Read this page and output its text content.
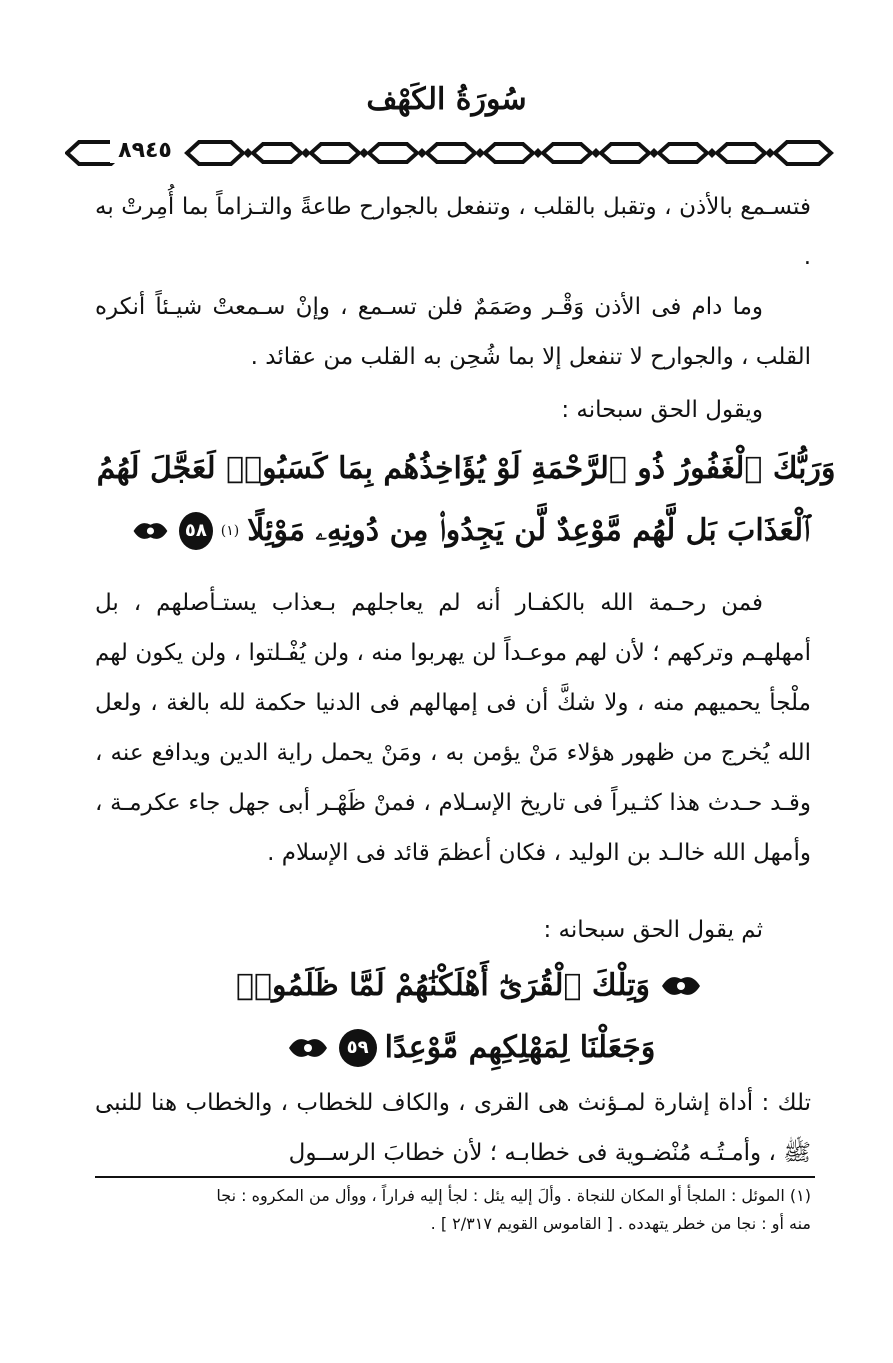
سُورَةُ الكَهْف
٨٩٤٥

فتسـمع بالأذن ، وتقبل بالقلب ، وتنفعل بالجوارح طاعةً والتـزاماً بما أُمِرتْ به .

وما دام فى الأذن وَقْـر وصَمَمٌ فلن تسـمع ، وإنْ سـمعتْ شيـئاً أنكره القلب ، والجوارح لا تنفعل إلا بما شُحِن به القلب من عقائد .

ويقول الحق سبحانه :

وَرَبُّكَ ٱلْغَفُورُ ذُو ٱلرَّحْمَةِ لَوْ يُؤَاخِذُهُم بِمَا كَسَبُوا۟ لَعَجَّلَ لَهُمُ
ٱلْعَذَابَ بَل لَّهُم مَّوْعِدٌ لَّن يَجِدُوا۟ مِن دُونِهِۦ مَوْئِلًا
(١)
٥٨

فمن رحـمة الله بالكفـار أنه لم يعاجلهم بـعذاب يستـأصلهم ، بل أمهلهـم وتركهم ؛ لأن لهم موعـداً لن يهربوا منه ، ولن يُفْـلتوا ، ولن يكون لهم ملْجأ يحميهم منه ، ولا شكَّ أن فى إمهالهم فى الدنيا حكمة لله بالغة ، ولعل الله يُخرج من ظهور هؤلاء مَنْ يؤمن به ، ومَنْ يحمل راية الدين ويدافع عنه ، وقـد حـدث هذا كثـيراً فى تاريخ الإسـلام ، فمنْ ظَهْـر أبى جهل جاء عكرمـة ، وأمهل الله خالـد بن الوليد ، فكان أعظمَ قائد فى الإسلام .

ثم يقول الحق سبحانه :

وَتِلْكَ ٱلْقُرَىٰٓ أَهْلَكْنَٰهُمْ لَمَّا ظَلَمُوا۟
وَجَعَلْنَا لِمَهْلِكِهِم مَّوْعِدًا
٥٩

تلك : أداة إشارة لمـؤنث هى القرى ، والكاف للخطاب ، والخطاب هنا للنبى ﷺ ، وأمـتُـه مُنْضـوية فى خطابـه ؛ لأن خطابَ الرســول

(١) الموئل : الملجأ أو المكان للنجاة . وألَ إليه يئل : لجأ إليه فراراً ، ووأل من المكروه : نجا

منه أو : نجا من خطر يتهدده . [ القاموس القويم ٢/٣١٧ ] .
